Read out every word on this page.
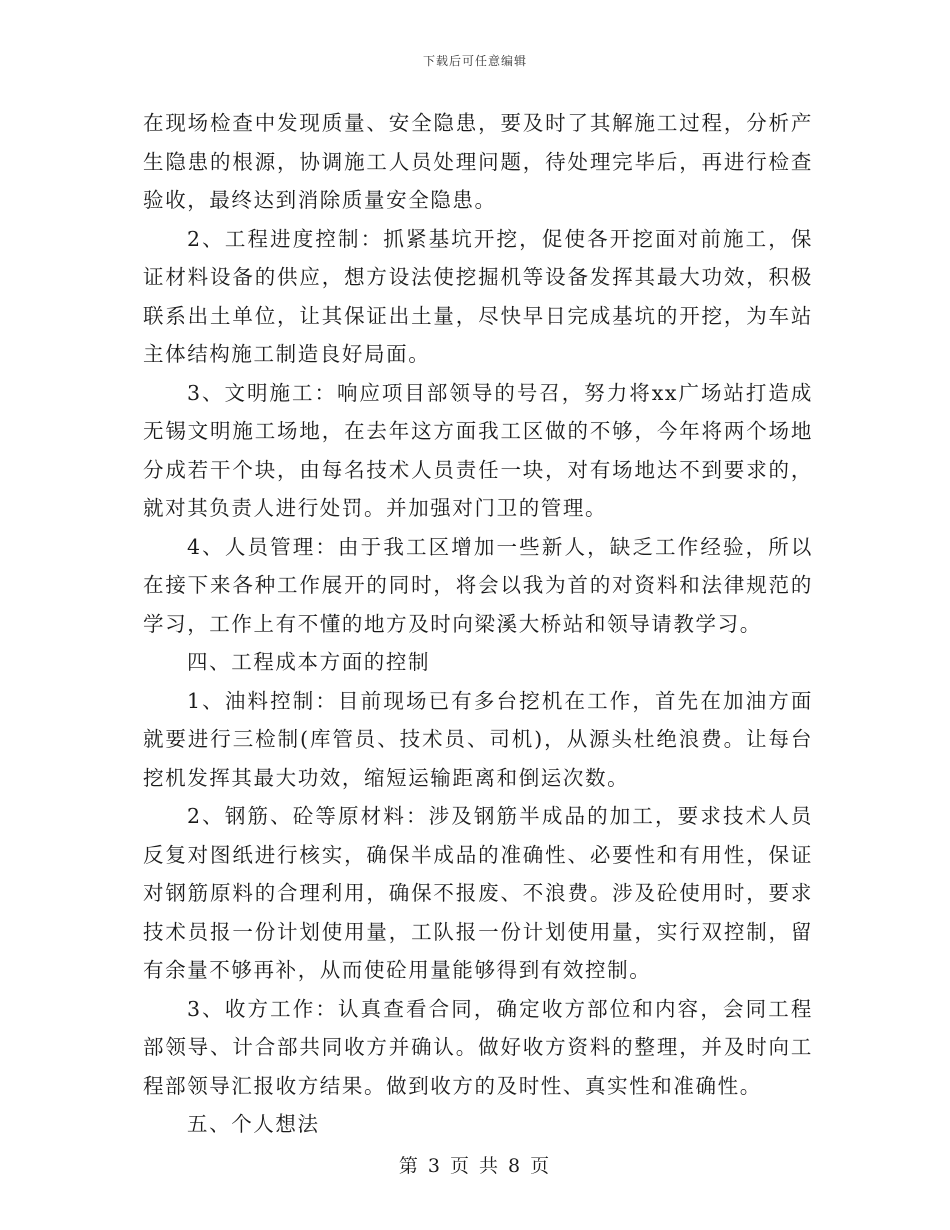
下载后可任意编辑

在现场检查中发现质量、安全隐患，要及时了其解施工过程，分析产生隐患的根源，协调施工人员处理问题，待处理完毕后，再进行检查验收，最终达到消除质量安全隐患。

2、工程进度控制：抓紧基坑开挖，促使各开挖面对前施工，保证材料设备的供应，想方设法使挖掘机等设备发挥其最大功效，积极联系出土单位，让其保证出土量，尽快早日完成基坑的开挖，为车站主体结构施工制造良好局面。

3、文明施工：响应项目部领导的号召，努力将xx广场站打造成无锡文明施工场地，在去年这方面我工区做的不够，今年将两个场地分成若干个块，由每名技术人员责任一块，对有场地达不到要求的，就对其负责人进行处罚。并加强对门卫的管理。

4、人员管理：由于我工区增加一些新人，缺乏工作经验，所以在接下来各种工作展开的同时，将会以我为首的对资料和法律规范的学习，工作上有不懂的地方及时向梁溪大桥站和领导请教学习。

四、工程成本方面的控制

1、油料控制：目前现场已有多台挖机在工作，首先在加油方面就要进行三检制(库管员、技术员、司机)，从源头杜绝浪费。让每台挖机发挥其最大功效，缩短运输距离和倒运次数。

2、钢筋、砼等原材料：涉及钢筋半成品的加工，要求技术人员反复对图纸进行核实，确保半成品的准确性、必要性和有用性，保证对钢筋原料的合理利用，确保不报废、不浪费。涉及砼使用时，要求技术员报一份计划使用量，工队报一份计划使用量，实行双控制，留有余量不够再补，从而使砼用量能够得到有效控制。

3、收方工作：认真查看合同，确定收方部位和内容，会同工程部领导、计合部共同收方并确认。做好收方资料的整理，并及时向工程部领导汇报收方结果。做到收方的及时性、真实性和准确性。

五、个人想法

第 3 页 共 8 页
